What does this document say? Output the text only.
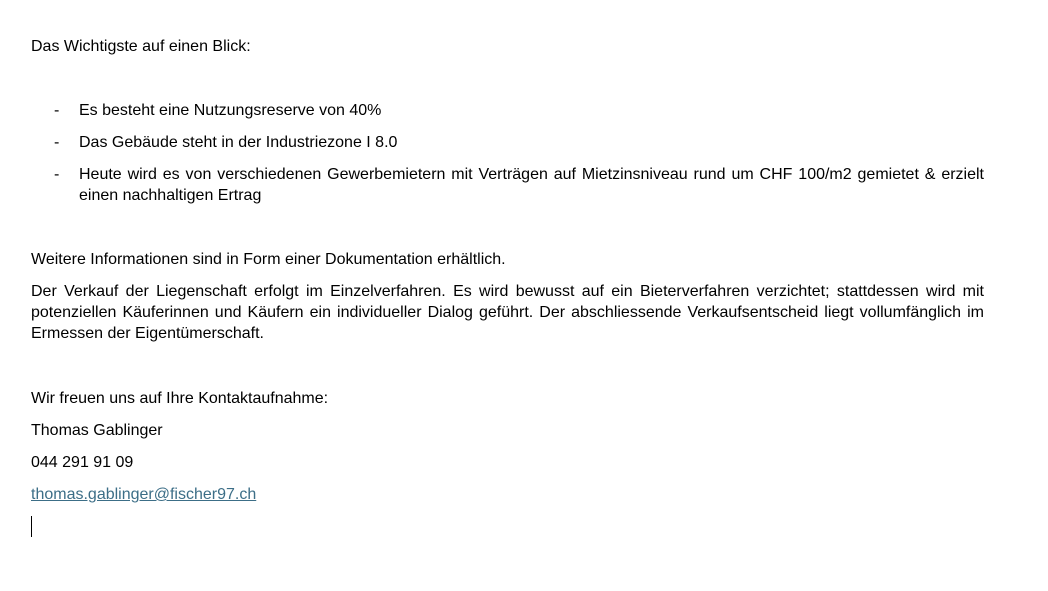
Das Wichtigste auf einen Blick:

- Es besteht eine Nutzungsreserve von 40%
- Das Gebäude steht in der Industriezone I 8.0
- Heute wird es von verschiedenen Gewerbemietern mit Verträgen auf Mietzinsniveau rund um CHF 100/m2 gemietet & erzielt einen nachhaltigen Ertrag

Weitere Informationen sind in Form einer Dokumentation erhältlich.

Der Verkauf der Liegenschaft erfolgt im Einzelverfahren. Es wird bewusst auf ein Bieterverfahren verzichtet; stattdessen wird mit potenziellen Käuferinnen und Käufern ein individueller Dialog geführt. Der abschliessende Verkaufsentscheid liegt vollumfänglich im Ermessen der Eigentümerschaft.

Wir freuen uns auf Ihre Kontaktaufnahme:

Thomas Gablinger

044 291 91 09

thomas.gablinger@fischer97.ch
